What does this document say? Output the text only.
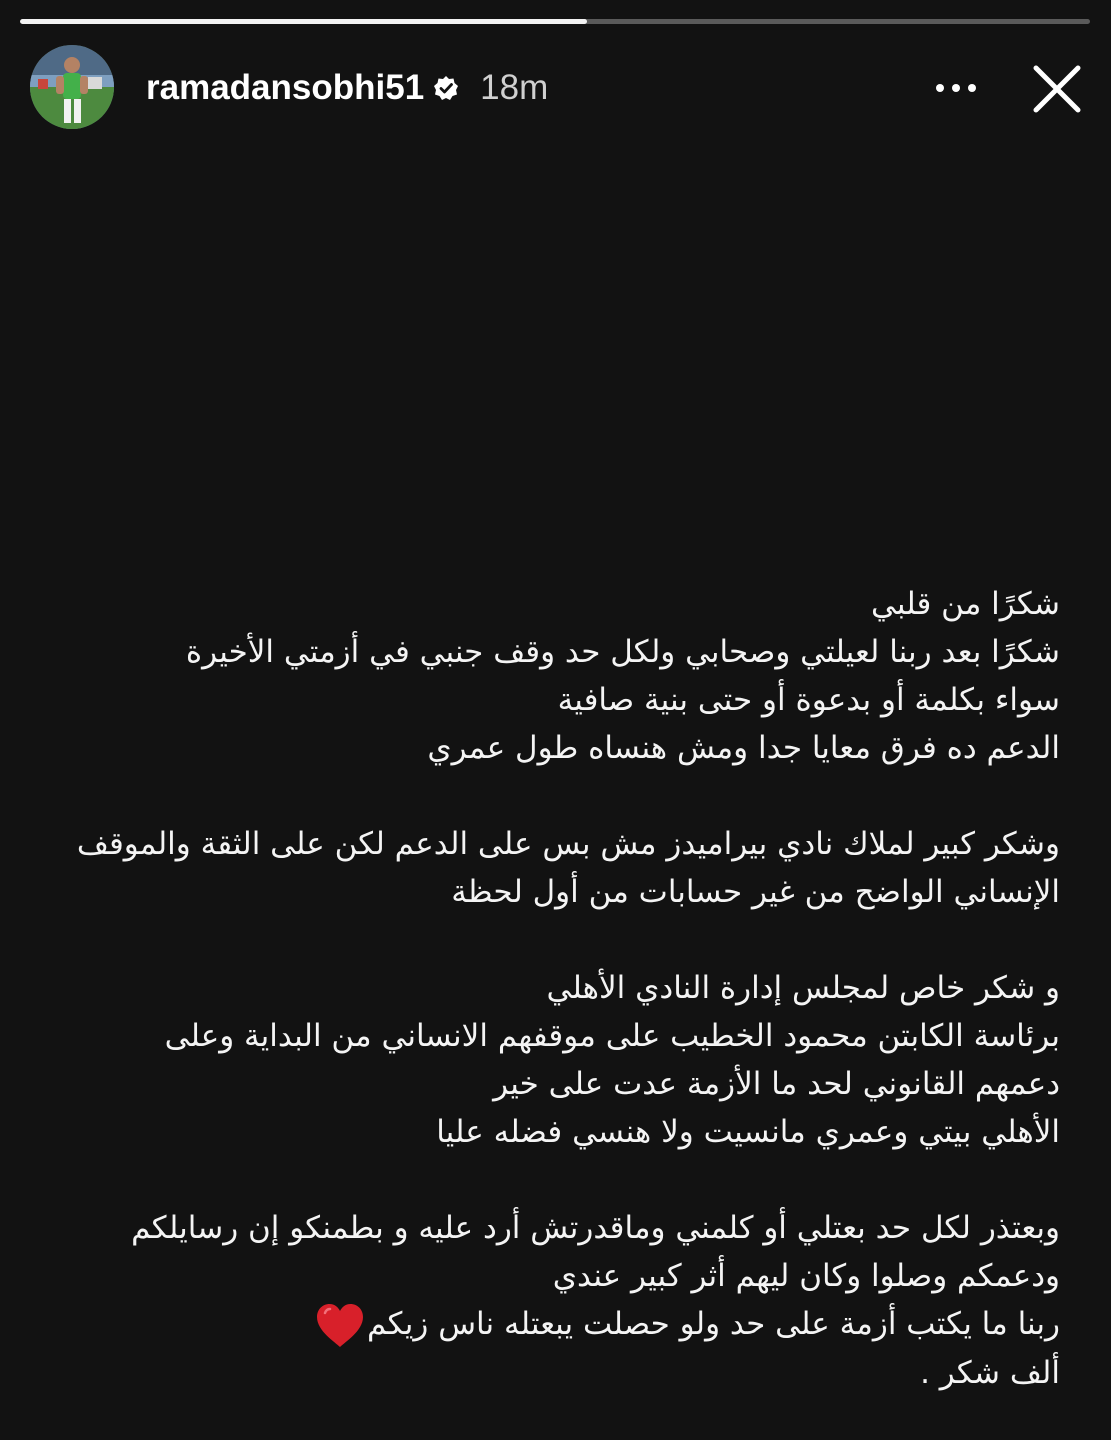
ramadansobhi51 18m
شكرًا من قلبي
شكرًا بعد ربنا لعيلتي وصحابي ولكل حد وقف جنبي في أزمتي الأخيرة
سواء بكلمة أو بدعوة أو حتى بنية صافية
الدعم ده فرق معايا جدا ومش هنساه طول عمري
وشكر كبير لملاك نادي بيراميدز مش بس على الدعم لكن على الثقة والموقف
الإنساني الواضح من غير حسابات من أول لحظة
و شكر خاص لمجلس إدارة النادي الأهلي
برئاسة الكابتن محمود الخطيب على موقفهم الانساني من البداية وعلى
دعمهم القانوني لحد ما الأزمة عدت على خير
الأهلي بيتي وعمري مانسيت ولا هنسي فضله عليا
وبعتذر لكل حد بعتلي أو كلمني وماقدرتش أرد عليه و بطمنكو إن رسايلكم
ودعمكم وصلوا وكان ليهم أثر كبير عندي
ربنا ما يكتب أزمة على حد ولو حصلت يبعتله ناس زيكم
ألف شكر .
